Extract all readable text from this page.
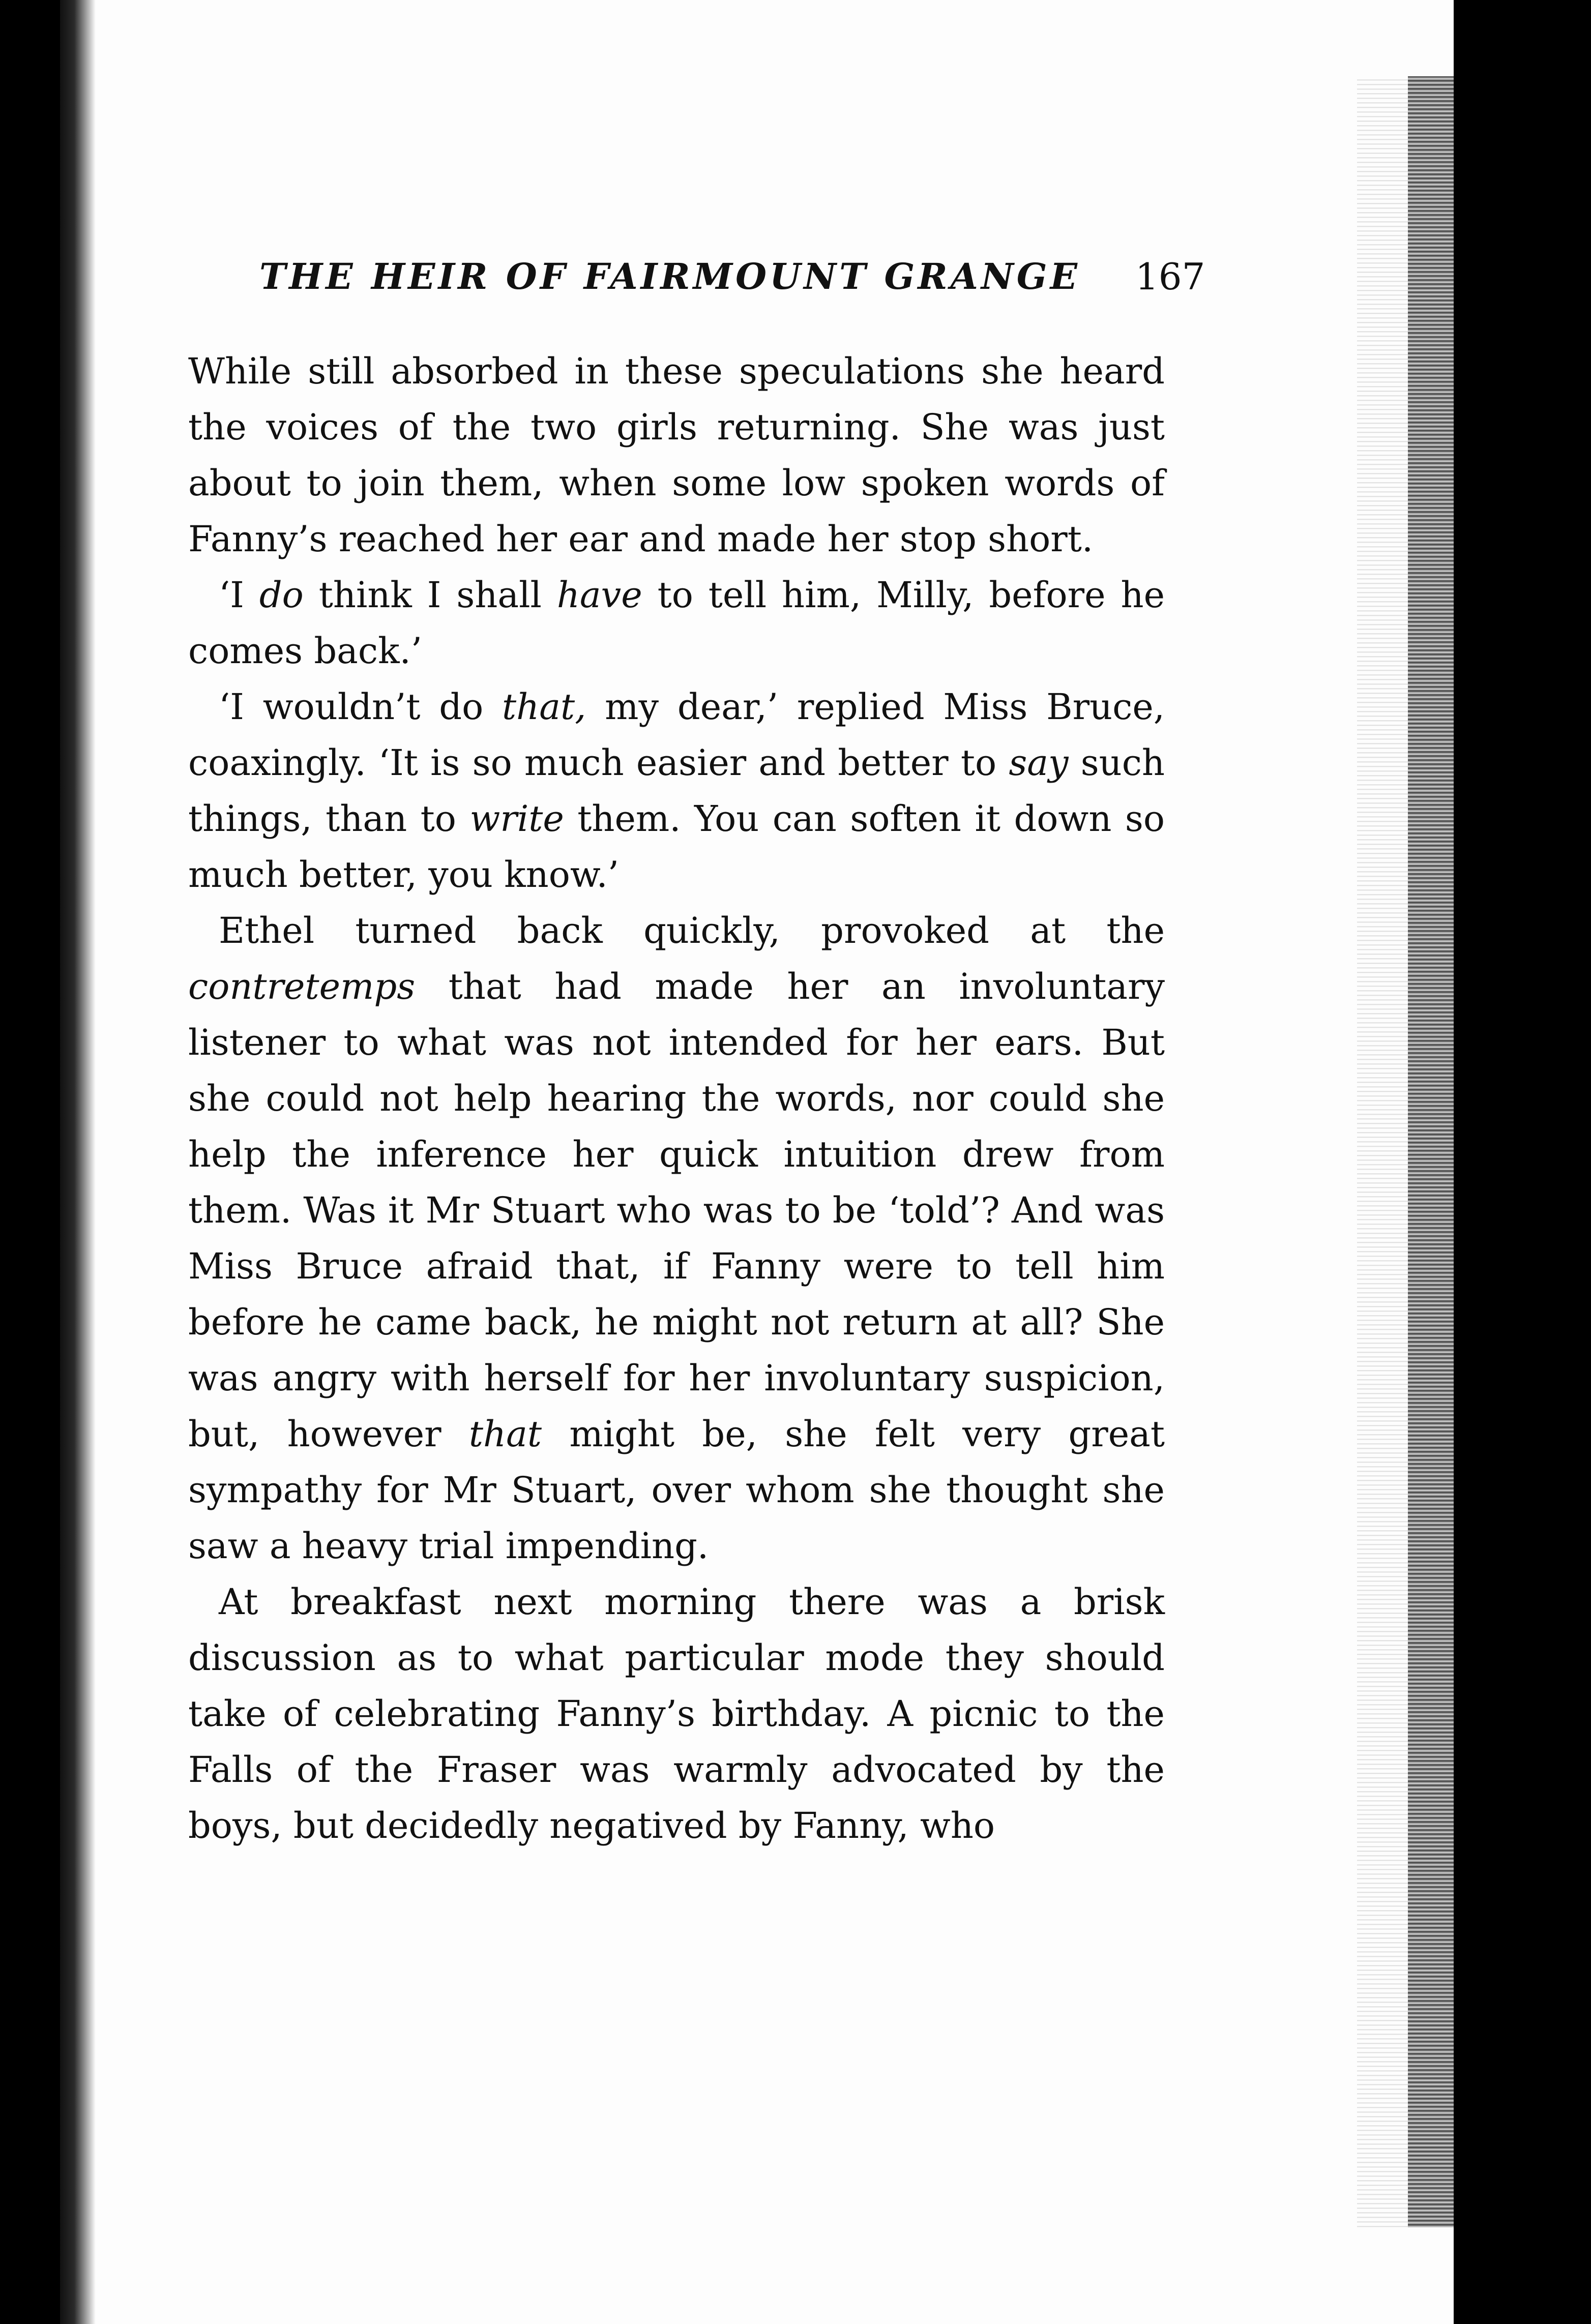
THE HEIR OF FAIRMOUNT GRANGE 167

While still absorbed in these speculations she heard the voices of the two girls returning. She was just about to join them, when some low spoken words of Fanny’s reached her ear and made her stop short.

‘I do think I shall have to tell him, Milly, before he comes back.’

‘I wouldn’t do that, my dear,’ replied Miss Bruce, coaxingly. ‘It is so much easier and better to say such things, than to write them. You can soften it down so much better, you know.’

Ethel turned back quickly, provoked at the contretemps that had made her an involuntary listener to what was not intended for her ears. But she could not help hearing the words, nor could she help the inference her quick intuition drew from them. Was it Mr Stuart who was to be ‘told’? And was Miss Bruce afraid that, if Fanny were to tell him before he came back, he might not return at all? She was angry with herself for her involuntary suspicion, but, however that might be, she felt very great sympathy for Mr Stuart, over whom she thought she saw a heavy trial impending.

At breakfast next morning there was a brisk discussion as to what particular mode they should take of celebrating Fanny’s birthday. A picnic to the Falls of the Fraser was warmly advocated by the boys, but decidedly negatived by Fanny, who
